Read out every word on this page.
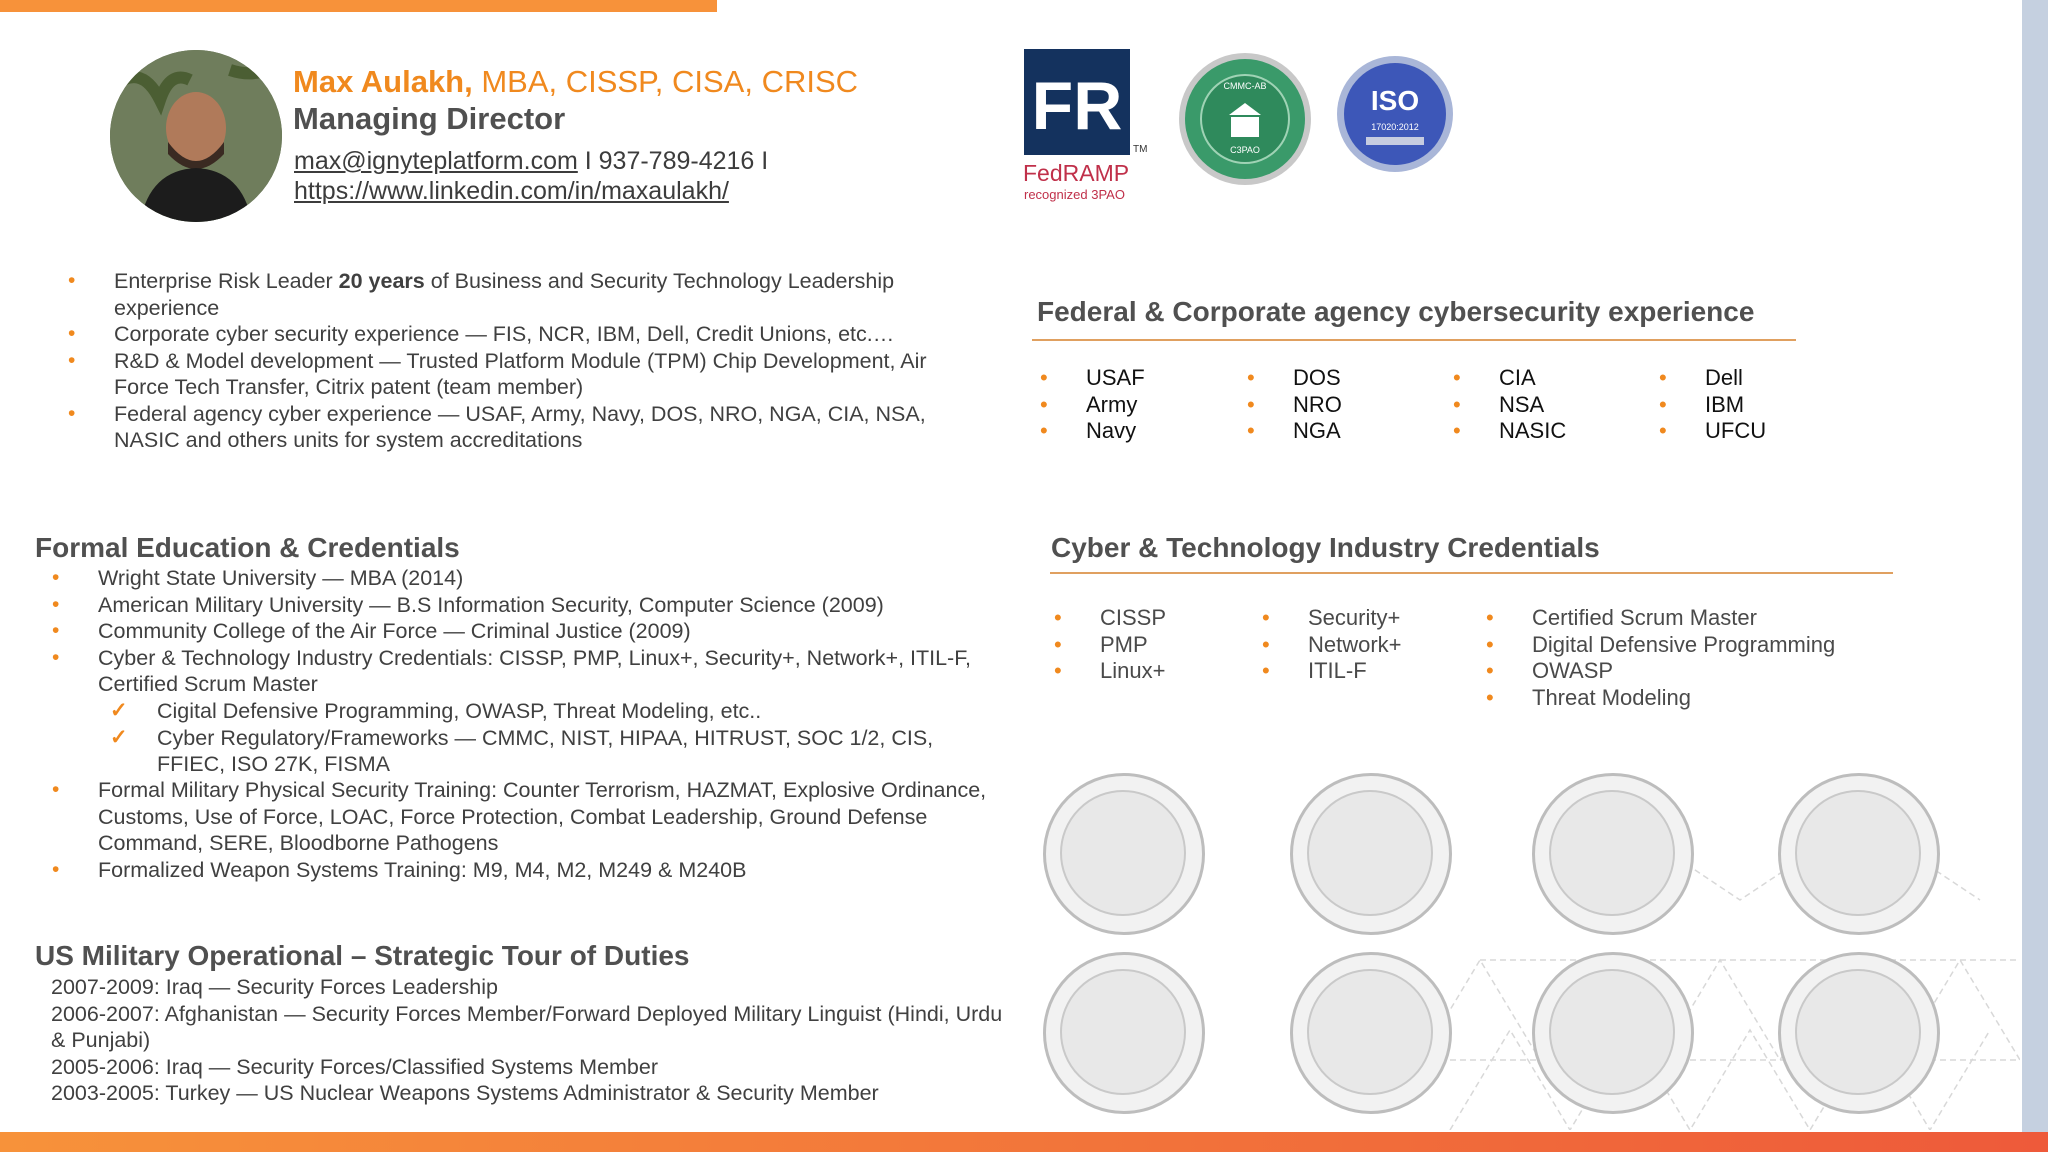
Max Aulakh, MBA, CISSP, CISA, CRISC
Managing Director
max@ignyteplatform.com I 937-789-4216 I
https://www.linkedin.com/in/maxaulakh/
FR
TM
FedRAMP
recognized 3PAO
CMMC-AB
C3PAO
ISO
17020:2012
• Enterprise Risk Leader 20 years of Business and Security Technology Leadership experience
• Corporate cyber security experience — FIS, NCR, IBM, Dell, Credit Unions, etc.…
• R&D & Model development — Trusted Platform Module (TPM) Chip Development, Air Force Tech Transfer, Citrix patent (team member)
• Federal agency cyber experience — USAF, Army, Navy, DOS, NRO, NGA, CIA, NSA, NASIC and others units for system accreditations
Federal & Corporate agency cybersecurity experience
• USAF
• Army
• Navy
• DOS
• NRO
• NGA
• CIA
• NSA
• NASIC
• Dell
• IBM
• UFCU
Formal Education & Credentials
• Wright State University — MBA (2014)
• American Military University — B.S Information Security, Computer Science (2009)
• Community College of the Air Force — Criminal Justice (2009)
• Cyber & Technology Industry Credentials: CISSP, PMP, Linux+, Security+, Network+, ITIL-F, Certified Scrum Master
✓ Cigital Defensive Programming, OWASP, Threat Modeling, etc..
✓ Cyber Regulatory/Frameworks — CMMC, NIST, HIPAA, HITRUST, SOC 1/2, CIS, FFIEC, ISO 27K, FISMA
• Formal Military Physical Security Training: Counter Terrorism, HAZMAT, Explosive Ordinance, Customs, Use of Force, LOAC, Force Protection, Combat Leadership, Ground Defense Command, SERE, Bloodborne Pathogens
• Formalized Weapon Systems Training: M9, M4, M2, M249 & M240B
Cyber & Technology Industry Credentials
• CISSP
• PMP
• Linux+
• Security+
• Network+
• ITIL-F
• Certified Scrum Master
• Digital Defensive Programming
• OWASP
• Threat Modeling
US Military Operational – Strategic Tour of Duties
2007-2009: Iraq — Security Forces Leadership
2006-2007: Afghanistan — Security Forces Member/Forward Deployed Military Linguist (Hindi, Urdu & Punjabi)
2005-2006: Iraq — Security Forces/Classified Systems Member
2003-2005: Turkey — US Nuclear Weapons Systems Administrator & Security Member
